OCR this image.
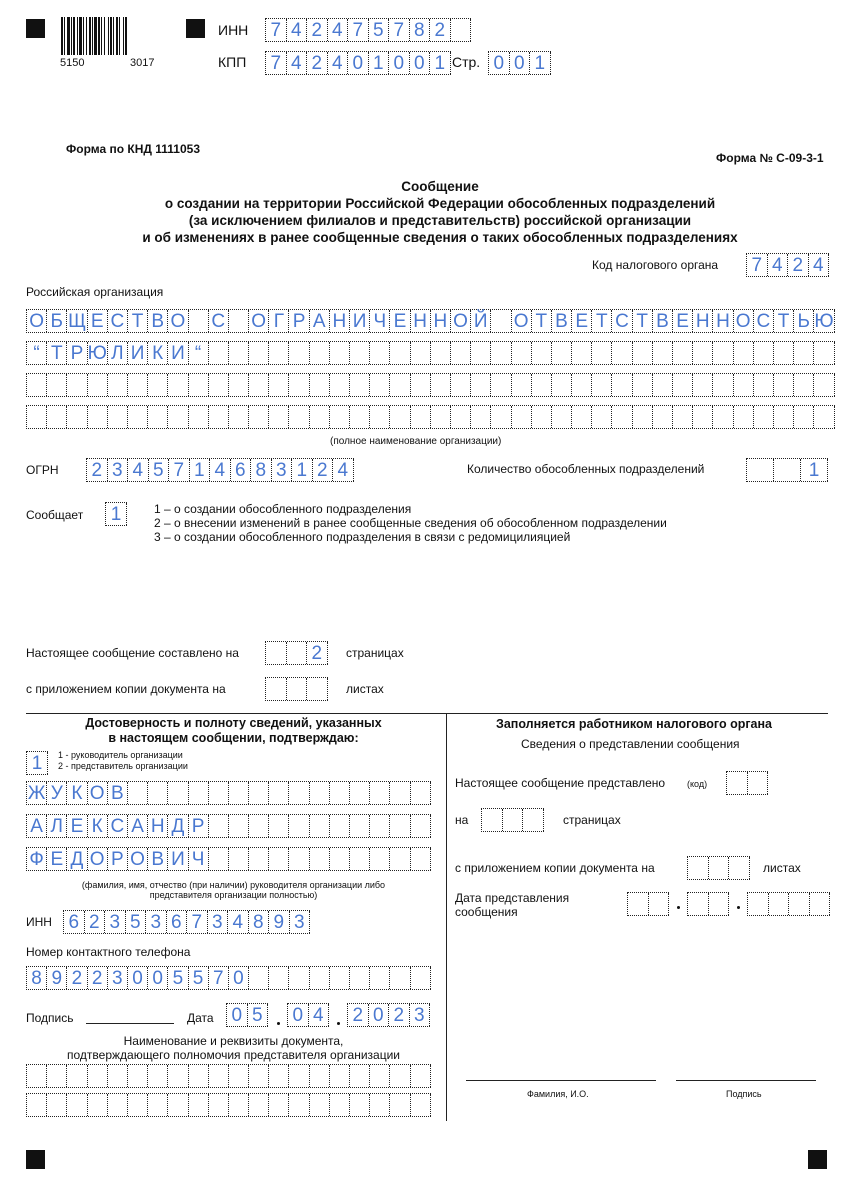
5150	3017
ИНН 7 4 2 4 7 5 7 8 2
КПП 7 4 2 4 0 1 0 0 1 Стр. 0 0 1
Форма по КНД 1111053
Форма № С-09-3-1
Сообщение
о создании на территории Российской Федерации обособленных подразделений
(за исключением филиалов и представительств) российской организации
и об изменениях в ранее сообщенные сведения о таких обособленных подразделениях
Код налогового органа 7 4 2 4
Российская организация
О Б Щ Е С Т В О С О Г Р А Н И Ч Е Н Н О Й О Т В Е Т С Т В Е Н Н О С Т Ь Ю
“ Т Р Ю Л И К И “
(полное наименование организации)
ОГРН 2 3 4 5 7 1 4 6 8 3 1 2 4	Количество обособленных подразделений	1
Сообщает 1	1 – о создании обособленного подразделения
2 – о внесении изменений в ранее сообщенные сведения об обособленном подразделении
3 – о создании обособленного подразделения в связи с редомицилияцией
Настоящее сообщение составлено на	2	страницах
с приложением копии документа на	листах
Достоверность и полноту сведений, указанных
в настоящем сообщении, подтверждаю:
1	1 - руководитель организации
2 - представитель организации
Ж У К О В
А Л Е К С А Н Д Р
Ф Е Д О Р О В И Ч
(фамилия, имя, отчество (при наличии) руководителя организации либо
представителя организации полностью)
ИНН 6 2 3 5 3 6 7 3 4 8 9 3
Номер контактного телефона
8 9 2 2 3 0 0 5 5 7 0
Подпись	Дата 0 5 0 4 2 0 2 3
Наименование и реквизиты документа,
подтверждающего полномочия представителя организации
Заполняется работником налогового органа
Сведения о представлении сообщения
Настоящее сообщение представлено (код)
на	страницах
с приложением копии документа на	листах
Дата представления
сообщения
Фамилия, И.О.	Подпись
